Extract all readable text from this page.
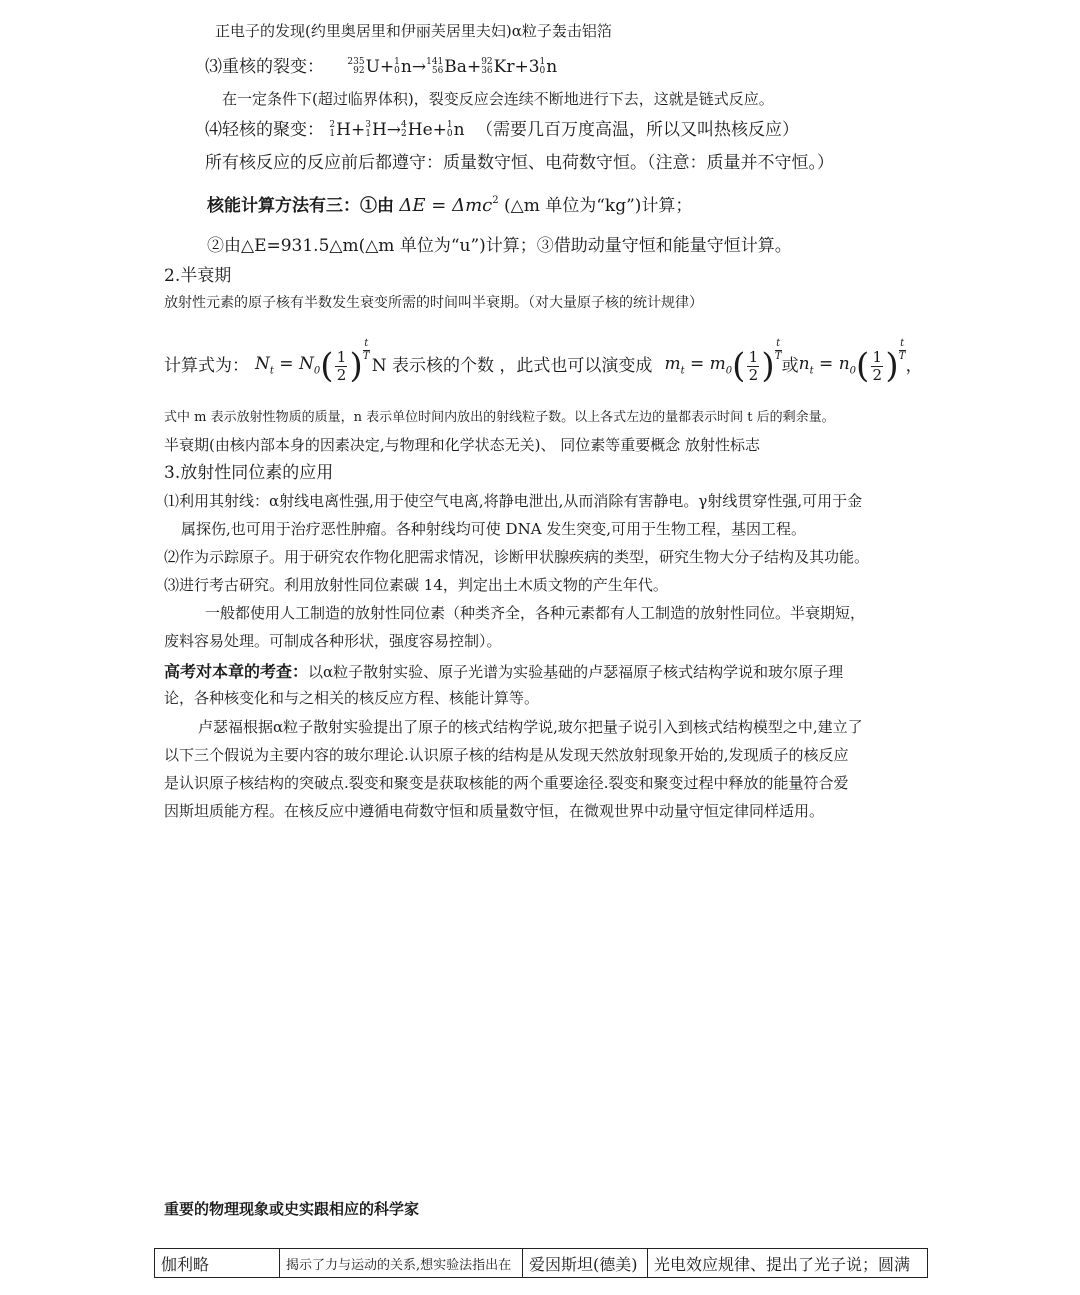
正电子的发现(约里奥居里和伊丽芙居里夫妇)α粒子轰击铝箔
⑶重核的裂变：	235
92 U+ 1
0 n→ 141
56 Ba+ 92
36 Kr+3 1
0 n
在一定条件下(超过临界体积)，裂变反应会连续不断地进行下去，这就是链式反应。
⑷轻核的聚变： 2
1 H+ 3
1 H→ 4
2 He+ 1
0 n （需要几百万度高温，所以又叫热核反应）
所有核反应的反应前后都遵守：质量数守恒、电荷数守恒。（注意：质量并不守恒。）
核能计算方法有三：①由 ΔE = Δmc$^2$ (△m 单位为“kg”)计算；
②由△E=931.5△m(△m 单位为“u”)计算；③借助动量守恒和能量守恒计算。
2.半衰期
放射性元素的原子核有半数发生衰变所需的时间叫半衰期。（对大量原子核的统计规律）
计算式为： $N_t = N_0$ ( $\frac{1}{2}$ )
t
T N 表示核的个数 ，此式也可以演变成 $m_t = m_0$ ( $\frac{1}{2}$ )
t
T 或 $n_t = n_0$ ( $\frac{1}{2}$ )
t
T ，
式中 m 表示放射性物质的质量，n 表示单位时间内放出的射线粒子数。以上各式左边的量都表示时间 t 后的剩余量。
半衰期(由核内部本身的因素决定,与物理和化学状态无关)、 同位素等重要概念 放射性标志
3.放射性同位素的应用
⑴利用其射线：α射线电离性强,用于使空气电离,将静电泄出,从而消除有害静电。γ射线贯穿性强,可用于金
属探伤,也可用于治疗恶性肿瘤。各种射线均可使 DNA 发生突变,可用于生物工程，基因工程。
⑵作为示踪原子。用于研究农作物化肥需求情况，诊断甲状腺疾病的类型，研究生物大分子结构及其功能。
⑶进行考古研究。利用放射性同位素碳 14，判定出土木质文物的产生年代。
一般都使用人工制造的放射性同位素（种类齐全，各种元素都有人工制造的放射性同位。半衰期短，
废料容易处理。可制成各种形状，强度容易控制）。
高考对本章的考查：以α粒子散射实验、原子光谱为实验基础的卢瑟福原子核式结构学说和玻尔原子理
论，各种核变化和与之相关的核反应方程、核能计算等。
卢瑟福根据α粒子散射实验提出了原子的核式结构学说,玻尔把量子说引入到核式结构模型之中,建立了
以下三个假说为主要内容的玻尔理论.认识原子核的结构是从发现天然放射现象开始的,发现质子的核反应
是认识原子核结构的突破点.裂变和聚变是获取核能的两个重要途径.裂变和聚变过程中释放的能量符合爱
因斯坦质能方程。在核反应中遵循电荷数守恒和质量数守恒，在微观世界中动量守恒定律同样适用。
重要的物理现象或史实跟相应的科学家
伽利略	揭示了力与运动的关系,想实验法指出在	爱因斯坦(德美)	光电效应规律、提出了光子说；圆满
